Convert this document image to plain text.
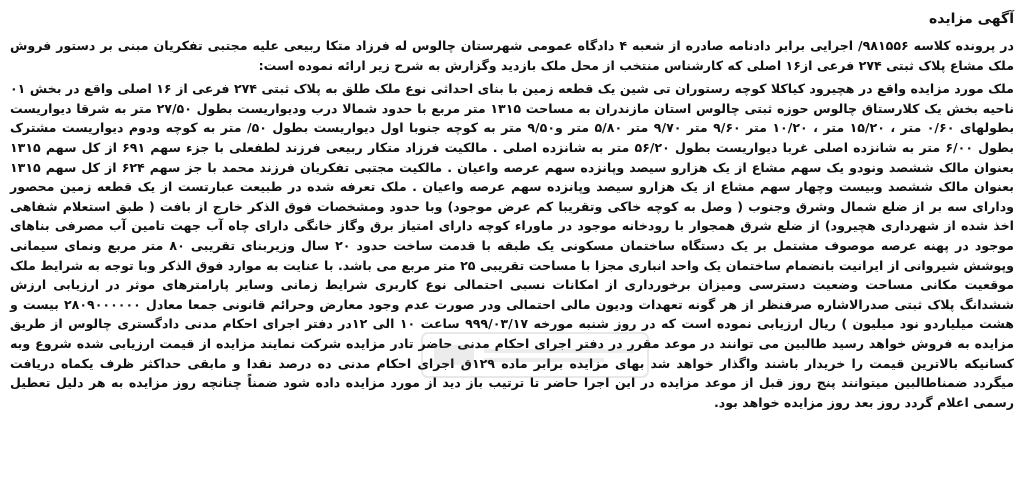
آگهی مزایده

در پرونده کلاسه ۹۸۱۵۵۶/ اجرایی برابر دادنامه صادره از شعبه ۴ دادگاه عمومی شهرستان چالوس له فرزاد متکا ربیعی علیه مجتبی تفکریان مبنی بر دستور فروش ملک مشاع پلاک ثبتی ۲۷۴ فرعی از۱۶ اصلی که کارشناس منتخب از محل ملک بازدید وگزارش به شرح زیر ارائه نموده است:

ملک مورد مزایده واقع در هچیرود کیاکلا کوچه رستوران تی شین یک قطعه زمین با بنای احداثی نوع ملک طلق به پلاک ثبتی ۲۷۴ فرعی از ۱۶ اصلی واقع در بخش ۰۱ ناحیه بخش یک کلارستاق چالوس حوزه ثبتی چالوس استان مازندران به مساحت ۱۳۱۵ متر مربع با حدود شمالا درب وديواريست بطول ۲۷/۵۰ متر به شرقا دیواریست بطولهای ۰/۶۰ متر ، ۱۵/۲۰ متر ، ۱۰/۲۰ متر ۹/۶۰ متر ۹/۷۰ متر ۵/۸۰ متر و۹/۵۰ متر به کوچه جنوبا اول دیواریست بطول ۵۰/ متر به کوچه ودوم دیواریست مشترک بطول ۶/۰۰ متر به شانزده اصلی غربا دیواریست بطول ۵۶/۲۰ متر به شانزده اصلی . مالکیت فرزاد متکار ربیعی فرزند لطفعلی با جزء سهم ۶۹۱ از کل سهم ۱۳۱۵ بعنوان مالک ششصد ونودو یک سهم مشاع از یک هزارو سیصد وپانزده سهم عرصه واعیان . مالکیت مجتبی تفکریان فرزند محمد با جز سهم ۶۲۴ از کل سهم ۱۳۱۵ بعنوان مالک ششصد وبیست وچهار سهم مشاع از یک هزارو سیصد وپانزده سهم عرصه واعیان . ملک تعرفه شده در طبیعت عبارتست از یک قطعه زمین محصور ودارای سه بر از ضلع شمال وشرق وجنوب ( وصل به کوچه خاکی وتقریبا کم عرض موجود) وبا حدود ومشخصات فوق الذکر خارج از بافت ( طبق استعلام شفاهی اخذ شده از شهرداری هچیرود) از ضلع شرق همجوار با رودخانه موجود در ماوراء کوچه دارای امتیاز برق وگاز خانگی دارای چاه آب جهت تامین آب مصرفی بناهای موجود در پهنه عرصه موصوف مشتمل بر یک دستگاه ساختمان مسکونی یک طبقه با قدمت ساخت حدود ۲۰ سال وزیربنای تقریبی ۸۰ متر مربع ونمای سیمانی وپوشش شیروانی از ایرانیت بانضمام ساختمان یک واحد انباری مجزا با مساحت تقریبی ۲۵ متر مربع می باشد. با عنایت به موارد فوق الذکر وبا توجه به شرایط ملک موقعیت مکانی مساحت وضعیت دسترسی ومیزان برخورداری از امکانات نسبی احتمالی نوع کاربری شرایط زمانی وسایر پارامترهای موثر در ارزیابی ارزش ششدانگ پلاک ثبتی صدرالاشاره صرفنظر از هر گونه تعهدات ودیون مالی احتمالی ودر صورت عدم وجود معارض وحرائم قانونی جمعا معادل ۲۸۰۹۰۰۰۰۰۰ بیست و هشت میلیاردو نود میلیون ) ریال ارزیابی نموده است که در روز شنبه مورخه ۹۹۹/۰۳/۱۷ ساعت ۱۰ الی ۱۲در دفتر اجرای احکام مدنی دادگستری چالوس از طریق مزایده به فروش خواهد رسید طالبین می توانند در موعد مقرر در دفتر اجرای احکام مدنی حاضر تادر مزایده شرکت نمایند مزایده از قیمت ارزیابی شده شروع وبه کسانیکه بالاترین قیمت را خریدار باشند واگذار خواهد شد بهای مزایده برابر ماده ۱۲۹ق اجرای احکام مدنی ده درصد نقدا و مابقی حداکثر ظرف یکماه دریافت میگردد ضمناطالبین میتوانند پنج روز قبل از موعد مزایده در این اجرا حاضر تا ترتیب باز دید از مورد مزایده داده شود ضمناً چنانچه روز مزایده به هر دلیل تعطیل رسمی اعلام گردد روز بعد روز مزایده خواهد بود.
